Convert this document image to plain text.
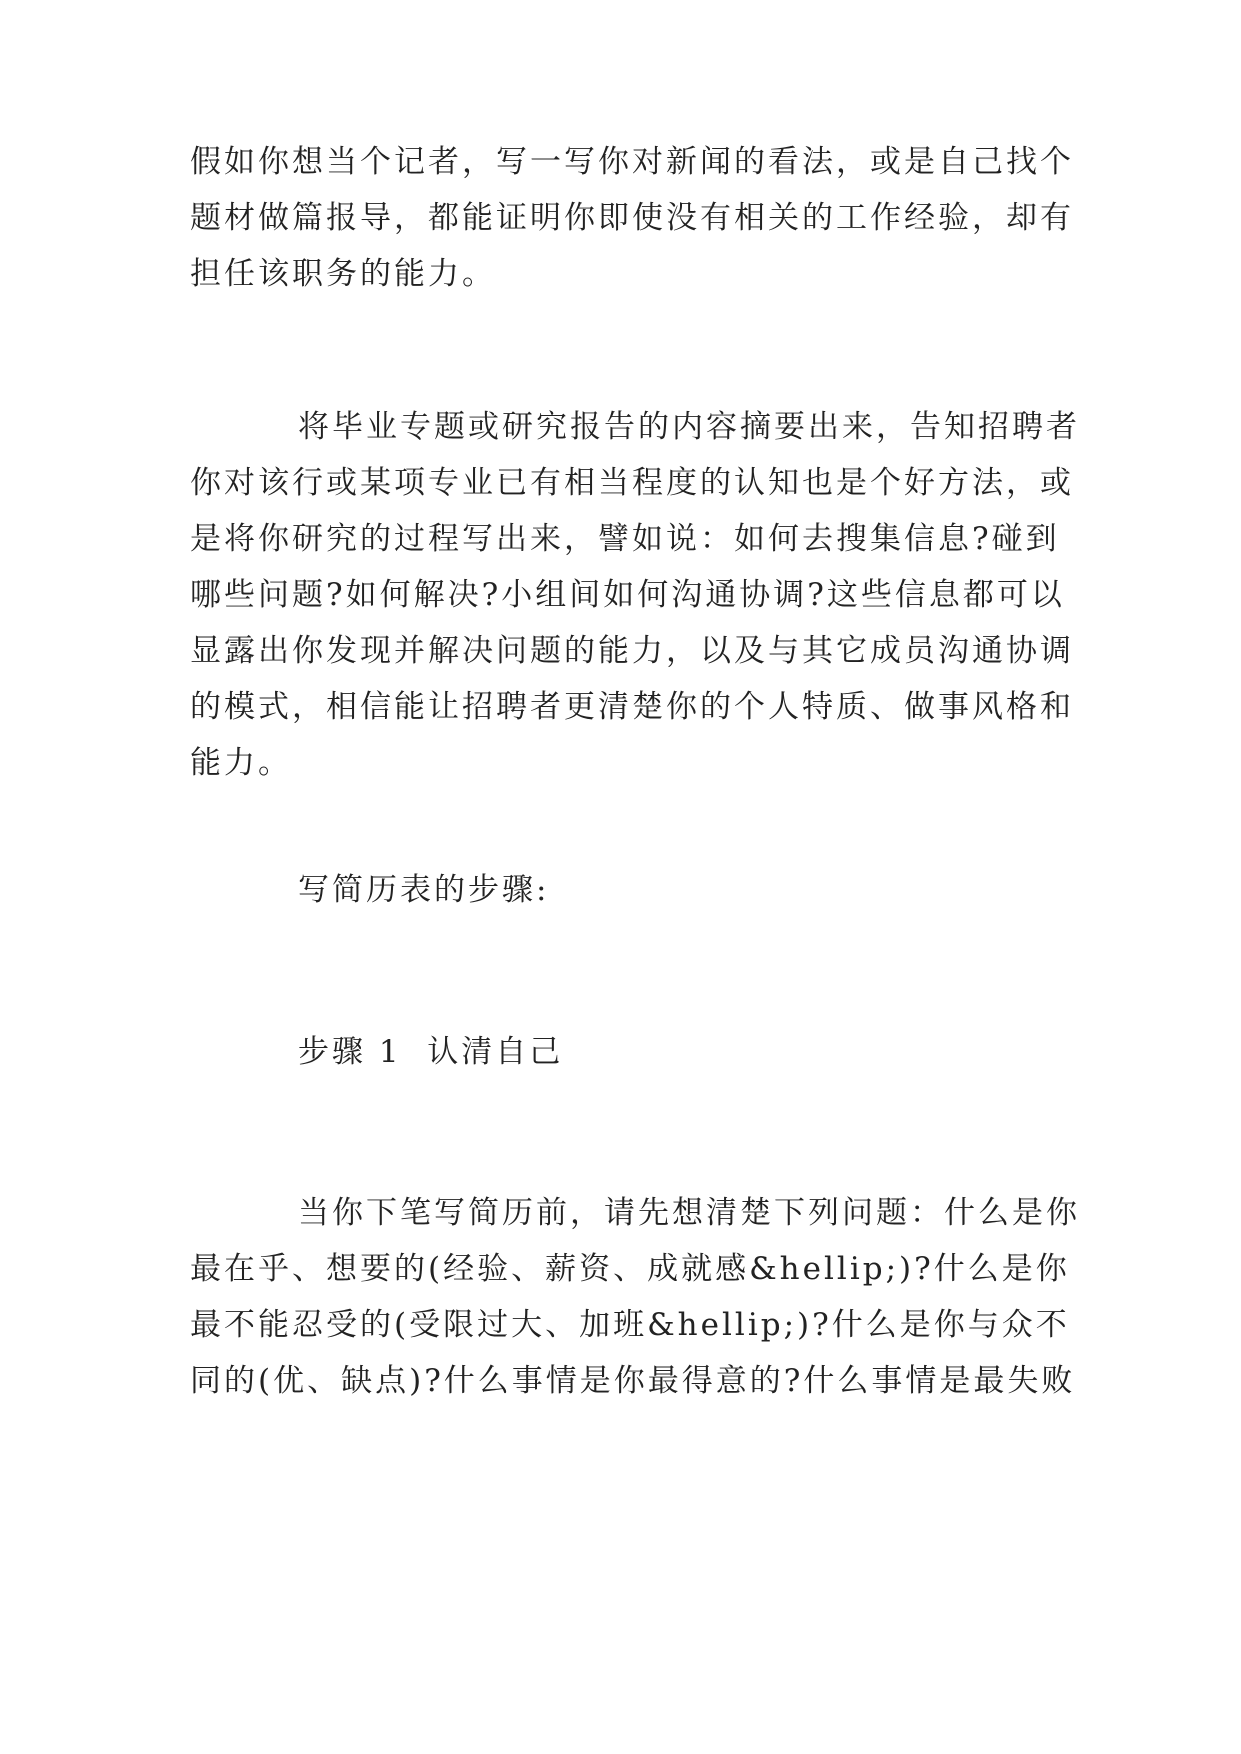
假如你想当个记者，写一写你对新闻的看法，或是自己找个
题材做篇报导，都能证明你即使没有相关的工作经验，却有
担任该职务的能力。

将毕业专题或研究报告的内容摘要出来，告知招聘者
你对该行或某项专业已有相当程度的认知也是个好方法，或
是将你研究的过程写出来，譬如说：如何去搜集信息?碰到
哪些问题?如何解决?小组间如何沟通协调?这些信息都可以
显露出你发现并解决问题的能力，以及与其它成员沟通协调
的模式，相信能让招聘者更清楚你的个人特质、做事风格和
能力。

写简历表的步骤:

步骤 1  认清自己

当你下笔写简历前，请先想清楚下列问题：什么是你
最在乎、想要的(经验、薪资、成就感&hellip;)?什么是你
最不能忍受的(受限过大、加班&hellip;)?什么是你与众不
同的(优、缺点)?什么事情是你最得意的?什么事情是最失败
